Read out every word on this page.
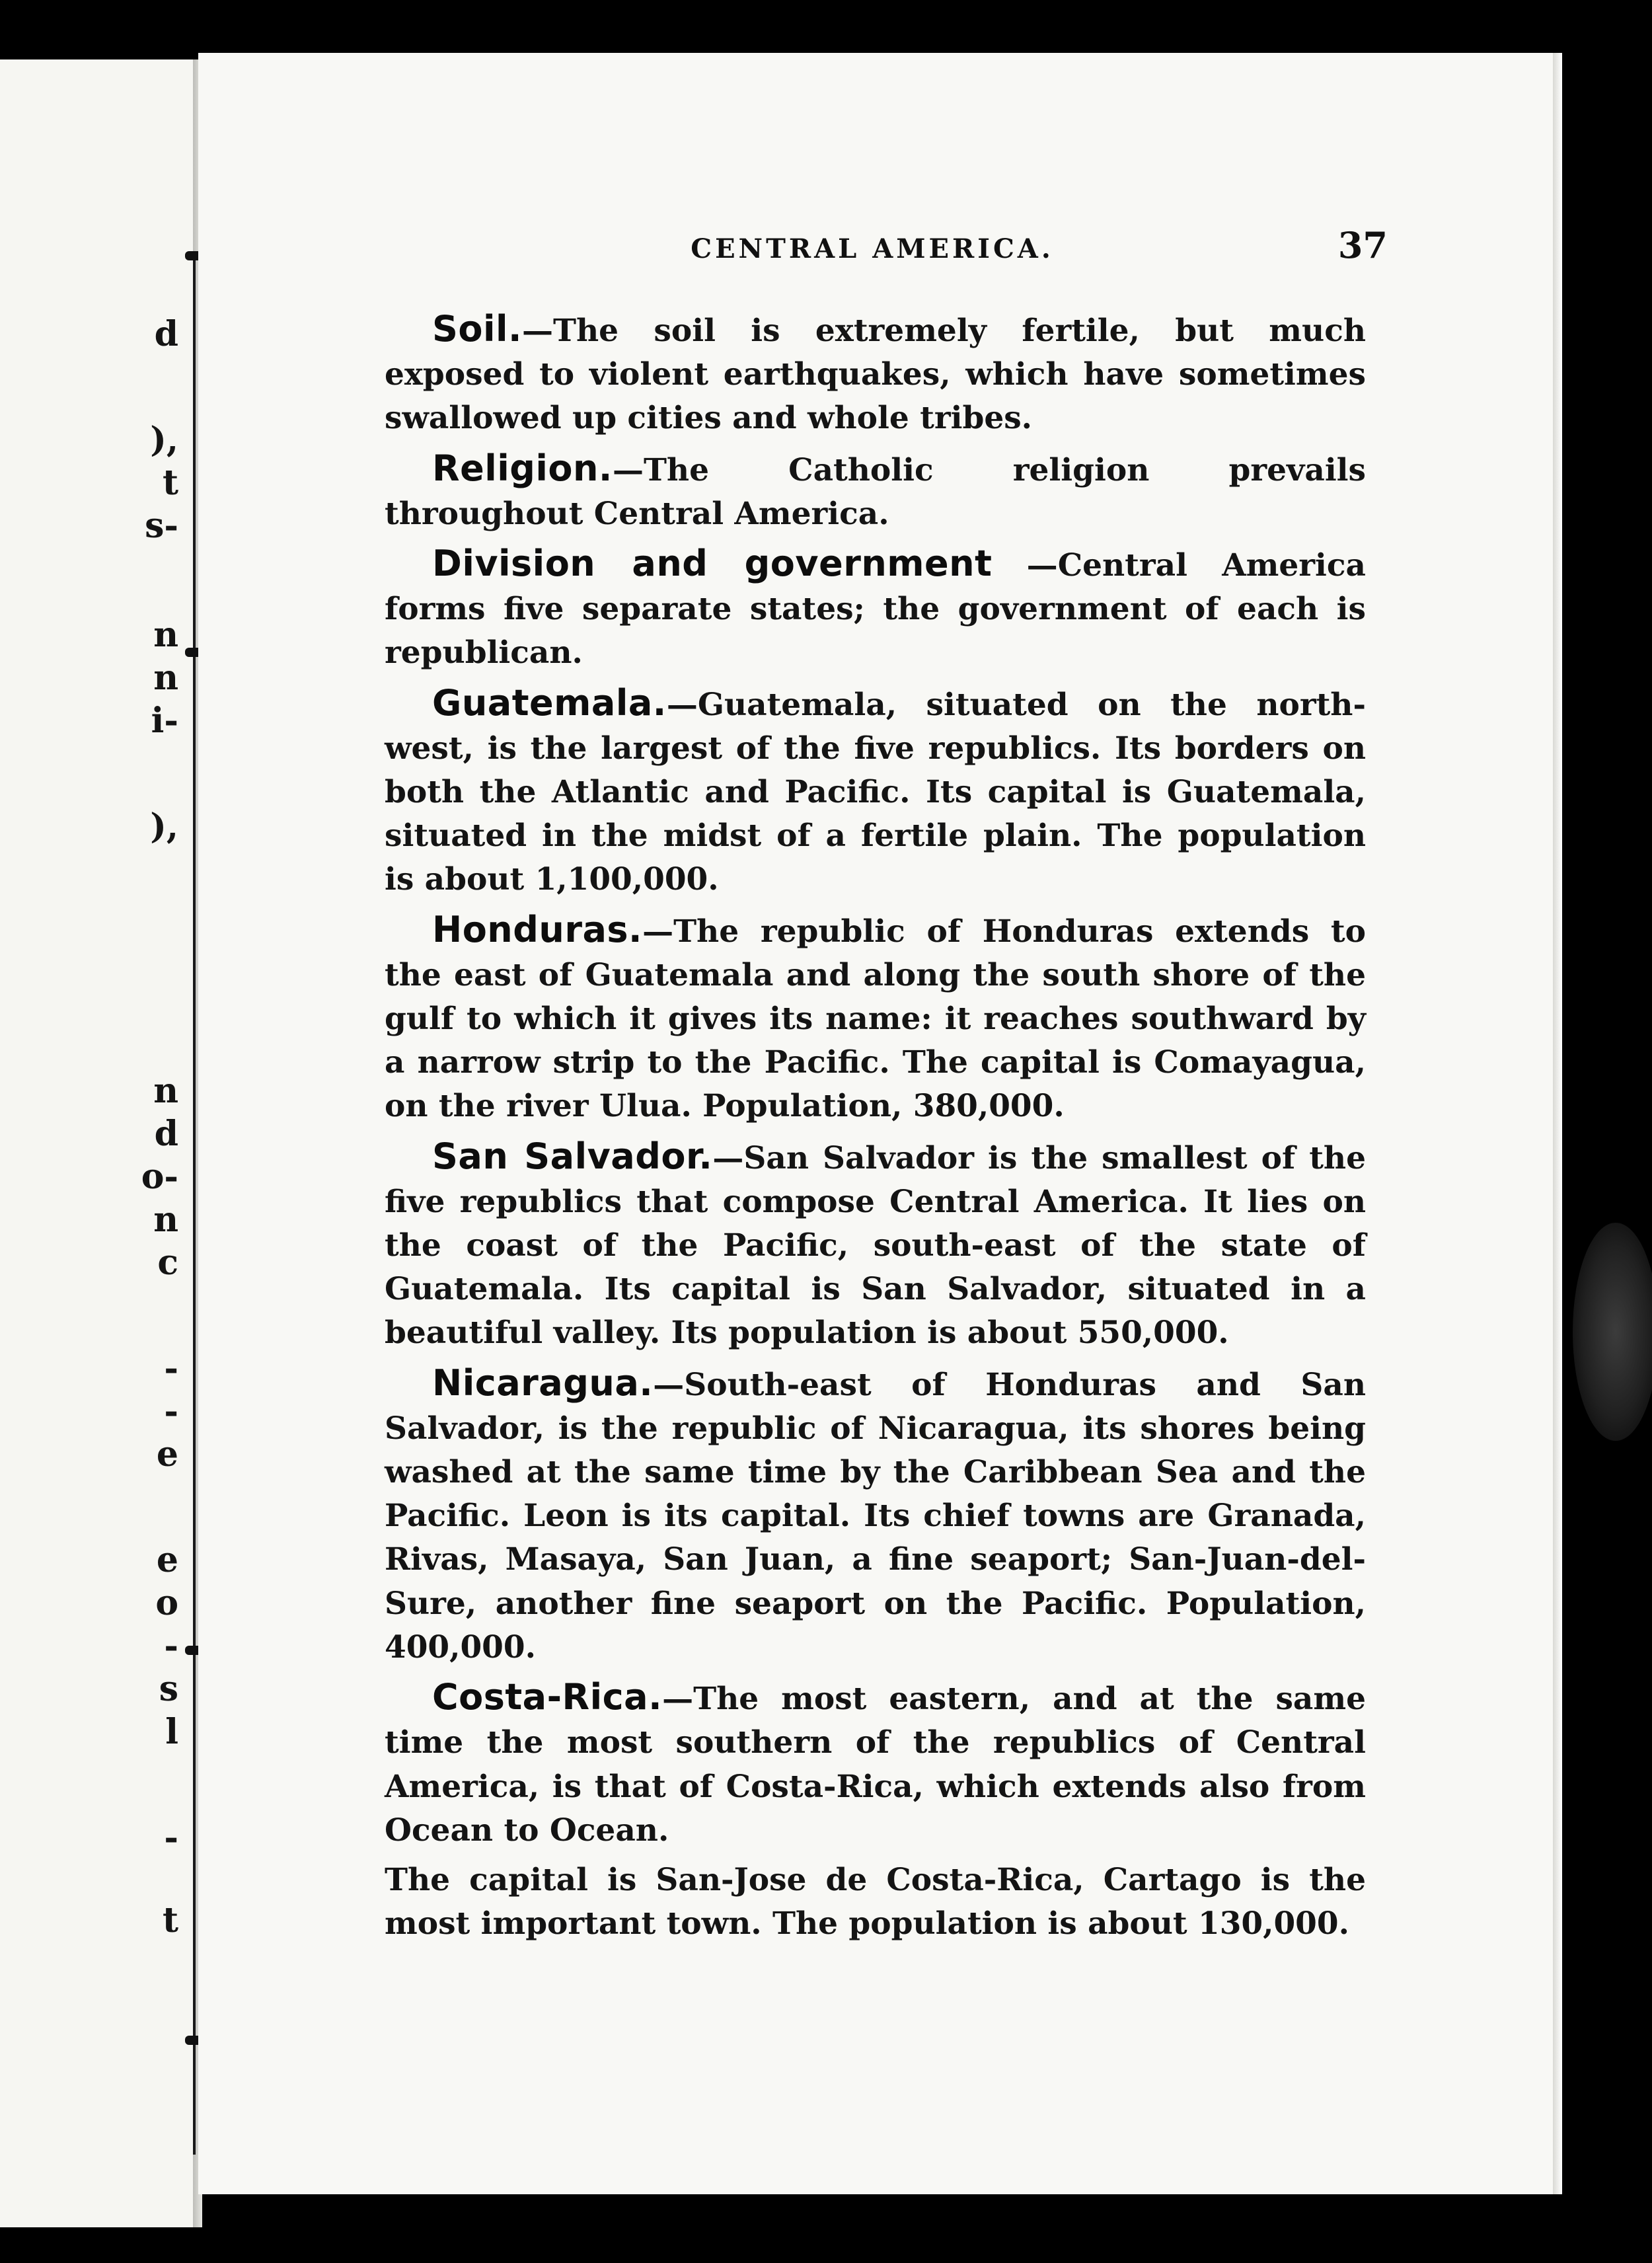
d
),
t
s-
n
n
i-
),
n
d
o-
n
c
-
-
e
e
o
-
s
l
-
t
CENTRAL AMERICA.	37

Soil.—The soil is extremely fertile, but much exposed to violent earthquakes, which have sometimes swallowed up cities and whole tribes.

Religion.—The Catholic religion prevails throughout Central America.

Division and government —Central America forms five separate states; the government of each is republican.

Guatemala.—Guatemala, situated on the north-west, is the largest of the five republics. Its borders on both the Atlantic and Pacific. Its capital is Guatemala, situated in the midst of a fertile plain. The population is about 1,100,000.

Honduras.—The republic of Honduras extends to the east of Guatemala and along the south shore of the gulf to which it gives its name: it reaches southward by a narrow strip to the Pacific. The capital is Comayagua, on the river Ulua. Population, 380,000.

San Salvador.—San Salvador is the smallest of the five republics that compose Central America. It lies on the coast of the Pacific, south-east of the state of Guatemala. Its capital is San Salvador, situated in a beautiful valley. Its population is about 550,000.

Nicaragua.—South-east of Honduras and San Salvador, is the republic of Nicaragua, its shores being washed at the same time by the Caribbean Sea and the Pacific. Leon is its capital. Its chief towns are Granada, Rivas, Masaya, San Juan, a fine seaport; San-Juan-del-Sure, another fine seaport on the Pacific. Population, 400,000.

Costa-Rica.—The most eastern, and at the same time the most southern of the republics of Central America, is that of Costa-Rica, which extends also from Ocean to Ocean.

The capital is San-Jose de Costa-Rica, Cartago is the most important town. The population is about 130,000.
